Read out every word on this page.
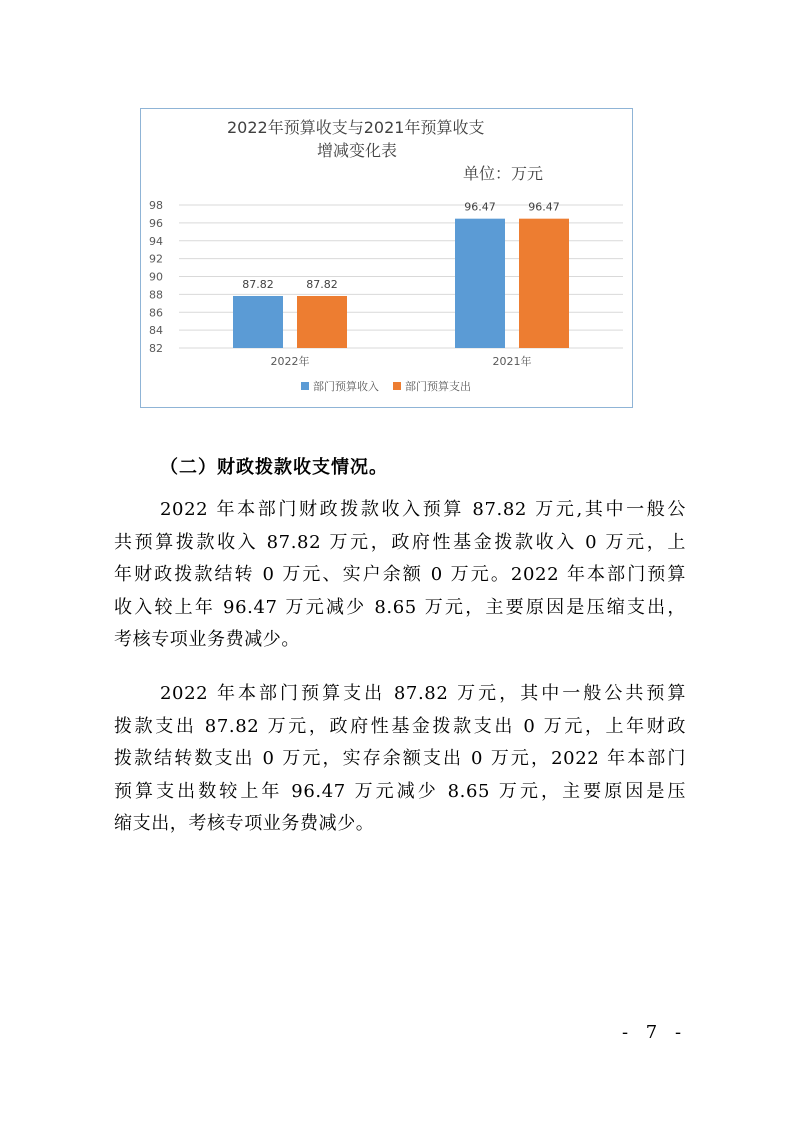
2022年预算收支与2021年预算收支
增减变化表
单位：万元
82
84
86
88
90
92
94
96
98
87.82	87.82
2022年
96.47	96.47
2021年
部门预算收入 部门预算支出
（二）财政拨款收支情况。
2022 年本部门财政拨款收入预算 87.82 万元,其中一般公
共预算拨款收入 87.82 万元，政府性基金拨款收入 0 万元，上
年财政拨款结转 0 万元、实户余额 0 万元。2022 年本部门预算
收入较上年 96.47 万元减少 8.65 万元，主要原因是压缩支出，
考核专项业务费减少。
2022 年本部门预算支出 87.82 万元，其中一般公共预算
拨款支出 87.82 万元，政府性基金拨款支出 0 万元，上年财政
拨款结转数支出 0 万元，实存余额支出 0 万元，2022 年本部门
预算支出数较上年 96.47 万元减少 8.65 万元，主要原因是压
缩支出，考核专项业务费减少。
- 7 -
